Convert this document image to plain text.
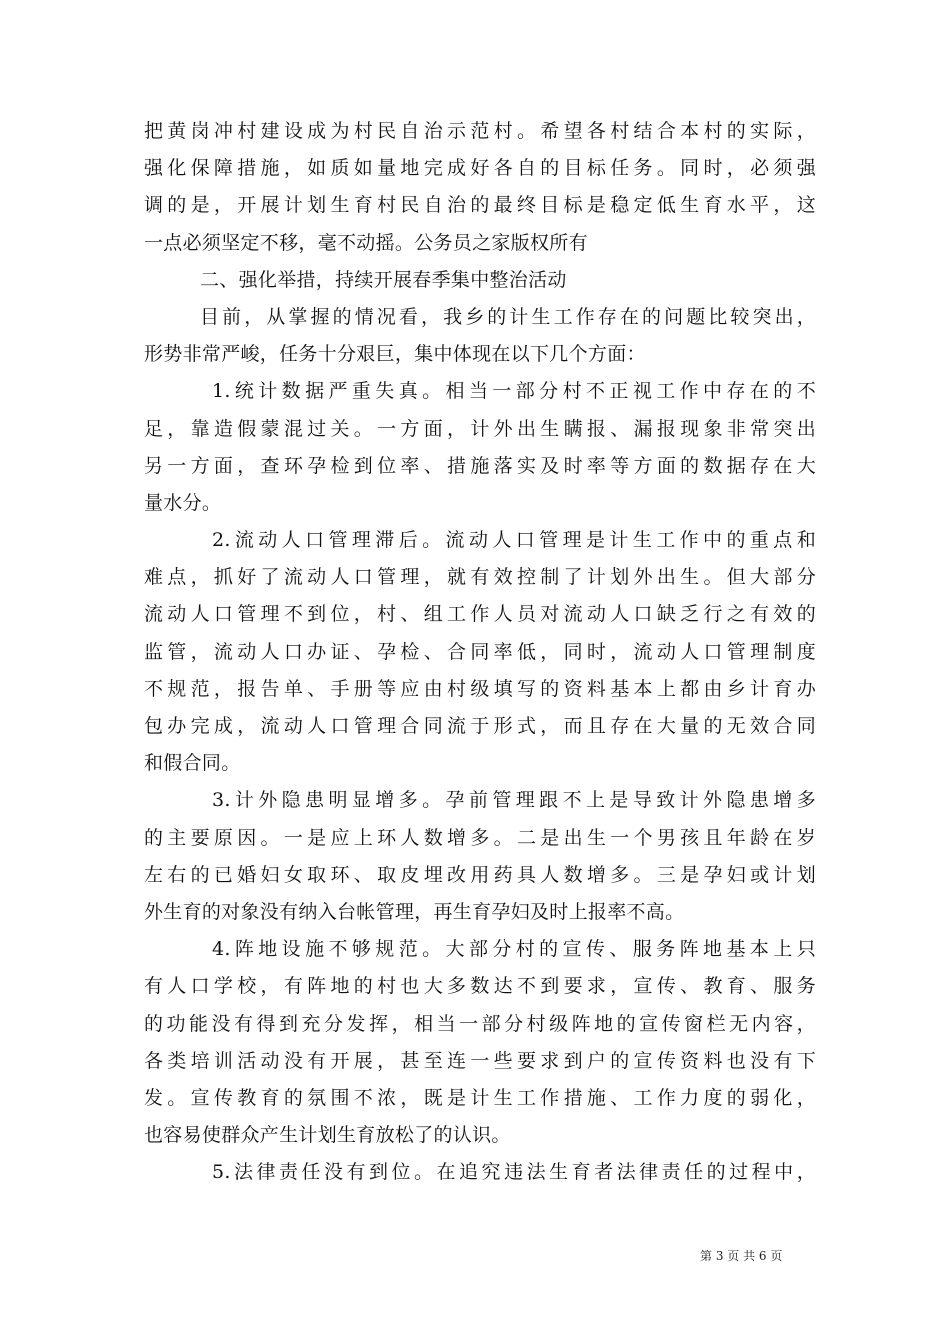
把黄岗冲村建设成为村民自治示范村。希望各村结合本村的实际，
强化保障措施，如质如量地完成好各自的目标任务。同时，必须强
调的是，开展计划生育村民自治的最终目标是稳定低生育水平，这
一点必须坚定不移，毫不动摇。公务员之家版权所有
二、强化举措，持续开展春季集中整治活动
目前，从掌握的情况看，我乡的计生工作存在的问题比较突出，
形势非常严峻，任务十分艰巨，集中体现在以下几个方面：
1.统计数据严重失真。相当一部分村不正视工作中存在的不
足，靠造假蒙混过关。一方面，计外出生瞒报、漏报现象非常突出
另一方面，查环孕检到位率、措施落实及时率等方面的数据存在大
量水分。
2.流动人口管理滞后。流动人口管理是计生工作中的重点和
难点，抓好了流动人口管理，就有效控制了计划外出生。但大部分
流动人口管理不到位，村、组工作人员对流动人口缺乏行之有效的
监管，流动人口办证、孕检、合同率低，同时，流动人口管理制度
不规范，报告单、手册等应由村级填写的资料基本上都由乡计育办
包办完成，流动人口管理合同流于形式，而且存在大量的无效合同
和假合同。
3.计外隐患明显增多。孕前管理跟不上是导致计外隐患增多
的主要原因。一是应上环人数增多。二是出生一个男孩且年龄在岁
左右的已婚妇女取环、取皮埋改用药具人数增多。三是孕妇或计划
外生育的对象没有纳入台帐管理，再生育孕妇及时上报率不高。
4.阵地设施不够规范。大部分村的宣传、服务阵地基本上只
有人口学校，有阵地的村也大多数达不到要求，宣传、教育、服务
的功能没有得到充分发挥，相当一部分村级阵地的宣传窗栏无内容，
各类培训活动没有开展，甚至连一些要求到户的宣传资料也没有下
发。宣传教育的氛围不浓，既是计生工作措施、工作力度的弱化，
也容易使群众产生计划生育放松了的认识。
5.法律责任没有到位。在追究违法生育者法律责任的过程中，
第 3 页 共 6 页
